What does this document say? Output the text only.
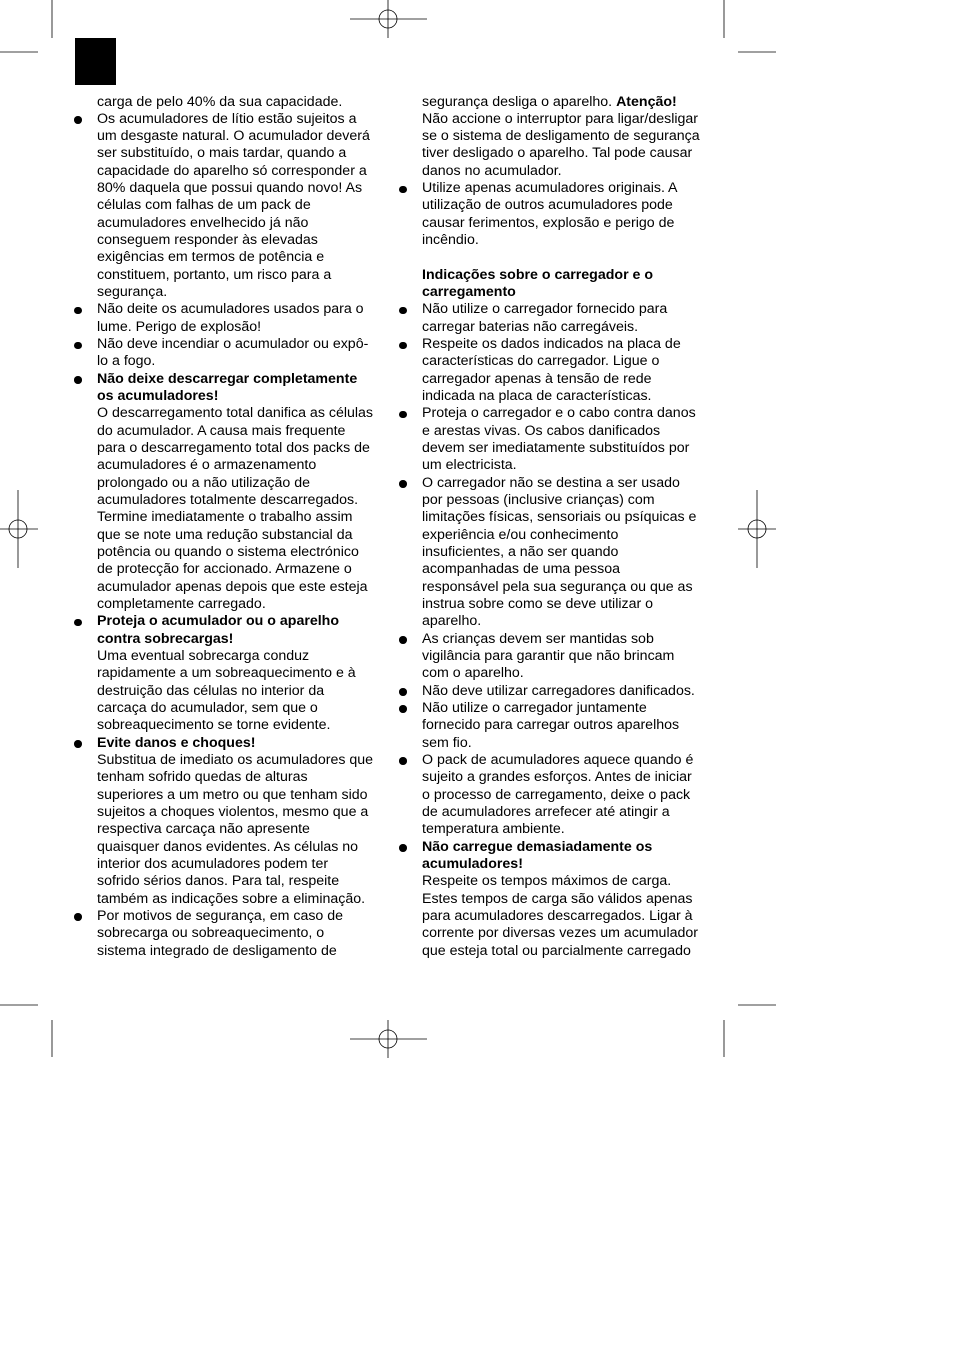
carga de pelo 40% da sua capacidade.
Os acumuladores de lítio estão sujeitos a
um desgaste natural. O acumulador deverá
ser substituído, o mais tardar, quando a
capacidade do aparelho só corresponder a
80% daquela que possui quando novo! As
células com falhas de um pack de
acumuladores envelhecido já não
conseguem responder às elevadas
exigências em termos de potência e
constituem, portanto, um risco para a
segurança.
Não deite os acumuladores usados para o
lume. Perigo de explosão!
Não deve incendiar o acumulador ou expô-
lo a fogo.
Não deixe descarregar completamente
os acumuladores!
O descarregamento total danifica as células
do acumulador. A causa mais frequente
para o descarregamento total dos packs de
acumuladores é o armazenamento
prolongado ou a não utilização de
acumuladores totalmente descarregados.
Termine imediatamente o trabalho assim
que se note uma redução substancial da
potência ou quando o sistema electrónico
de protecção for accionado. Armazene o
acumulador apenas depois que este esteja
completamente carregado.
Proteja o acumulador ou o aparelho
contra sobrecargas!
Uma eventual sobrecarga conduz
rapidamente a um sobreaquecimento e à
destruição das células no interior da
carcaça do acumulador, sem que o
sobreaquecimento se torne evidente.
Evite danos e choques!
Substitua de imediato os acumuladores que
tenham sofrido quedas de alturas
superiores a um metro ou que tenham sido
sujeitos a choques violentos, mesmo que a
respectiva carcaça não apresente
quaisquer danos evidentes. As células no
interior dos acumuladores podem ter
sofrido sérios danos. Para tal, respeite
também as indicações sobre a eliminação.
Por motivos de segurança, em caso de
sobrecarga ou sobreaquecimento, o
sistema integrado de desligamento de
segurança desliga o aparelho. Atenção!
Não accione o interruptor para ligar/desligar
se o sistema de desligamento de segurança
tiver desligado o aparelho. Tal pode causar
danos no acumulador.
Utilize apenas acumuladores originais. A
utilização de outros acumuladores pode
causar ferimentos, explosão e perigo de
incêndio.
Indicações sobre o carregador e o
carregamento
Não utilize o carregador fornecido para
carregar baterias não carregáveis.
Respeite os dados indicados na placa de
características do carregador. Ligue o
carregador apenas à tensão de rede
indicada na placa de características.
Proteja o carregador e o cabo contra danos
e arestas vivas. Os cabos danificados
devem ser imediatamente substituídos por
um electricista.
O carregador não se destina a ser usado
por pessoas (inclusive crianças) com
limitações físicas, sensoriais ou psíquicas e
experiência e/ou conhecimento
insuficientes, a não ser quando
acompanhadas de uma pessoa
responsável pela sua segurança ou que as
instrua sobre como se deve utilizar o
aparelho.
As crianças devem ser mantidas sob
vigilância para garantir que não brincam
com o aparelho.
Não deve utilizar carregadores danificados.
Não utilize o carregador juntamente
fornecido para carregar outros aparelhos
sem fio.
O pack de acumuladores aquece quando é
sujeito a grandes esforços. Antes de iniciar
o processo de carregamento, deixe o pack
de acumuladores arrefecer até atingir a
temperatura ambiente.
Não carregue demasiadamente os
acumuladores!
Respeite os tempos máximos de carga.
Estes tempos de carga são válidos apenas
para acumuladores descarregados. Ligar à
corrente por diversas vezes um acumulador
que esteja total ou parcialmente carregado
